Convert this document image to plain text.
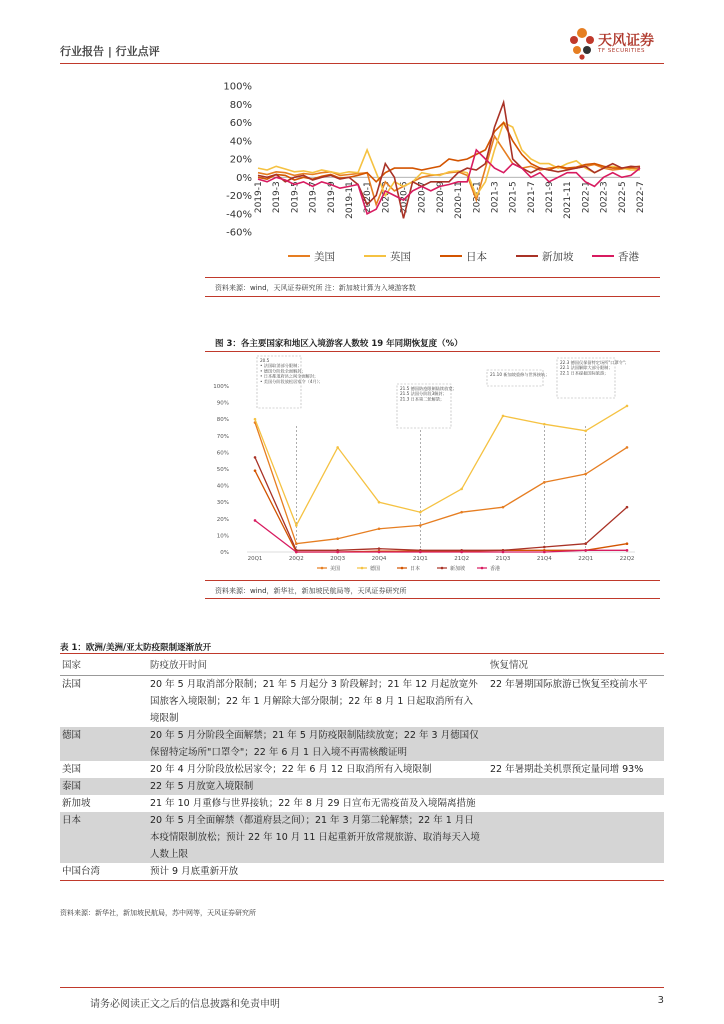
行业报告 | 行业点评
天风证券
TF SECURITIES
100%
80%
60%
40%
20%
0%
-20%
-40%
-60%
2019-1 2019-3 2019-5 2019-7 2019-9 2019-11 2020-1 2020-3 2020-5 2020-7 2020-9 2020-11 2021-1 2021-3 2021-5 2021-7 2021-9 2021-11 2022-1 2022-3 2022-5 2022-7
美国	英国	日本	新加坡	香港
资料来源：wind，天风证券研究所 注：新加坡计算为入境游客数
图 3：各主要国家和地区入境游客人数较 19 年同期恢复度（%）
100%
90%
80%
70%
60%
50%
40%
30%
20%
10%
0%
20Q1	20Q2	20Q3	20Q4	21Q1	21Q2	21Q3	21Q4	22Q1	22Q2
20.5 • 法国取消部分限制；• 德国分阶段全面解封；• 日本都道府县之间全面解封；• 美国分阶段放松居家令（4月）；
21.5 德国防疫限制陆续放宽； 21.5 法国分阶段3解封； 21.3 日本第二轮解禁；
21.10 新加坡重修与世界接轨；
22.3 德国仅保留特定场所"口罩令"； 22.1 法国解除大部分限制； 22.1 日本提振国际旅游；
美国	德国	日本	新加坡	香港
资料来源：wind，新华社，新加坡民航局等，天风证券研究所
表 1：欧洲/美洲/亚太防疫限制逐渐放开
国家	防疫放开时间	恢复情况
法国	20 年 5 月取消部分限制；21 年 5 月起分 3 阶段解封；21 年 12 月起放宽外国旅客入境限制；22 年 1 月解除大部分限制；22 年 8 月 1 日起取消所有入境限制	22 年暑期国际旅游已恢复至疫前水平
德国	20 年 5 月分阶段全面解禁；21 年 5 月防疫限制陆续放宽；22 年 3 月德国仅保留特定场所"口罩令"；22 年 6 月 1 日入境不再需核酸证明	
美国	20 年 4 月分阶段放松居家令；22 年 6 月 12 日取消所有入境限制	22 年暑期赴美机票预定量同增 93%
泰国	22 年 5 月放宽入境限制	
新加坡	21 年 10 月重修与世界接轨；22 年 8 月 29 日宣布无需疫苗及入境隔离措施	
日本	20 年 5 月全面解禁（都道府县之间）；21 年 3 月第二轮解禁；22 年 1 月日本疫情限制放松；预计 22 年 10 月 11 日起重新开放常规旅游、取消每天入境人数上限	
中国台湾	预计 9 月底重新开放	
资料来源：新华社，新加坡民航局，苏中网等，天风证券研究所
请务必阅读正文之后的信息披露和免责申明	3
